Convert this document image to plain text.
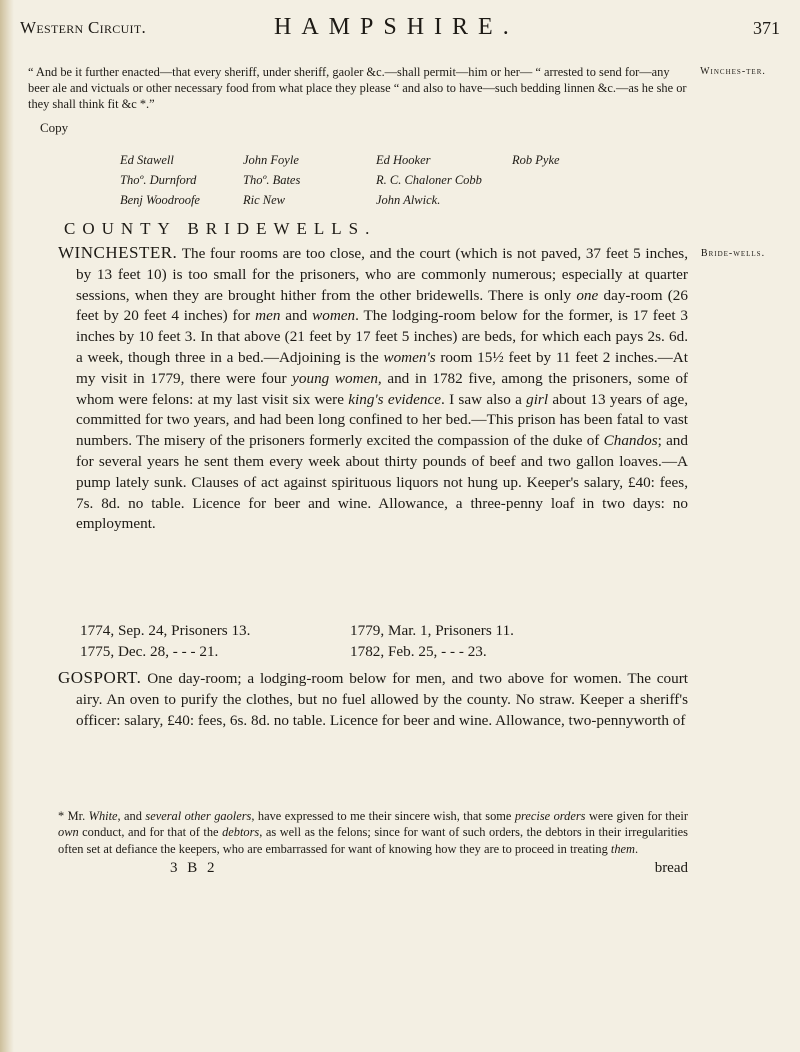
Western Circuit.	HAMPSHIRE.	371
Winches-ter.
Bride-wells.

“ And be it further enacted—that every sheriff, under sheriff, gaoler &c.—shall permit—him or her— “ arrested to send for—any beer ale and victuals or other necessary food from what place they please “ and also to have—such bedding linnen &c.—as he she or they shall think fit &c *.”

Copy
Ed Stawell	John Foyle	Ed Hooker	Rob Pyke
Thoº. Durnford	Thoº. Bates	R. C. Chaloner Cobb
Benj Woodroofe	Ric New	John Alwick.
COUNTY BRIDEWELLS.

WINCHESTER. The four rooms are too close, and the court (which is not paved, 37 feet 5 inches, by 13 feet 10) is too small for the prisoners, who are commonly numerous; especially at quarter sessions, when they are brought hither from the other bridewells. There is only one day-room (26 feet by 20 feet 4 inches) for men and women. The lodging-room below for the former, is 17 feet 3 inches by 10 feet 3. In that above (21 feet by 17 feet 5 inches) are beds, for which each pays 2s. 6d. a week, though three in a bed.—Adjoining is the women's room 15½ feet by 11 feet 2 inches.—At my visit in 1779, there were four young women, and in 1782 five, among the prisoners, some of whom were felons: at my last visit six were king's evidence. I saw also a girl about 13 years of age, committed for two years, and had been long confined to her bed.—This prison has been fatal to vast numbers. The misery of the prisoners formerly excited the compassion of the duke of Chandos; and for several years he sent them every week about thirty pounds of beef and two gallon loaves.—A pump lately sunk. Clauses of act against spirituous liquors not hung up. Keeper's salary, £40: fees, 7s. 8d. no table. Licence for beer and wine. Allowance, a three-penny loaf in two days: no employment.

1774, Sep. 24, Prisoners 13.	1779, Mar. 1, Prisoners 11.
1775, Dec. 28, - - - 21.	1782, Feb. 25, - - - 23.

GOSPORT. One day-room; a lodging-room below for men, and two above for women. The court airy. An oven to purify the clothes, but no fuel allowed by the county. No straw. Keeper a sheriff's officer: salary, £40: fees, 6s. 8d. no table. Licence for beer and wine. Allowance, two-pennyworth of

* Mr. White, and several other gaolers, have expressed to me their sincere wish, that some precise orders were given for their own conduct, and for that of the debtors, as well as the felons; since for want of such orders, the debtors in their irregularities often set at defiance the keepers, who are embarrassed for want of knowing how they are to proceed in treating them.

3 B 2	bread
